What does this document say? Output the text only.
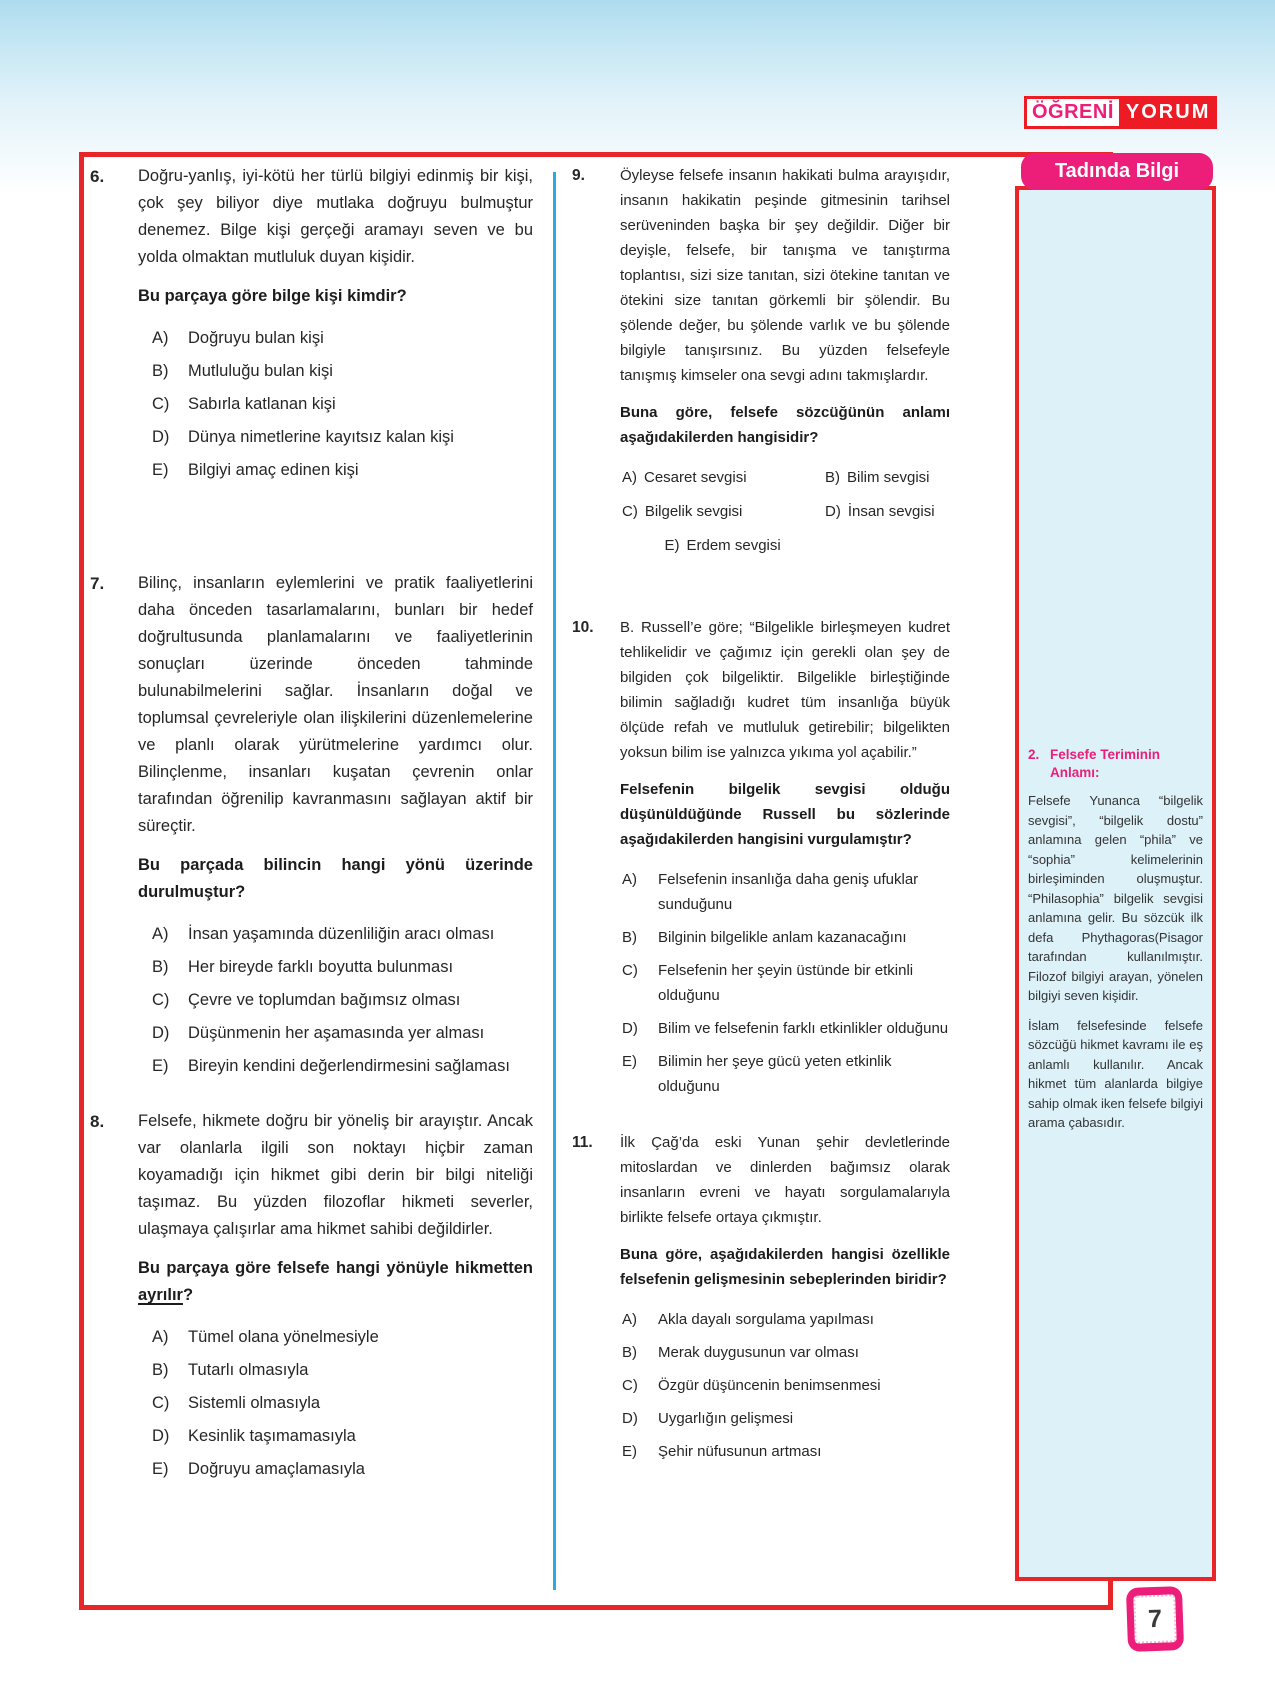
ÖĞRENİ YORUM
6.	Doğru-yanlış, iyi-kötü her türlü bilgiyi edinmiş bir kişi, çok şey biliyor diye mutlaka doğruyu bulmuştur denemez. Bilge kişi gerçeği aramayı seven ve bu yolda olmaktan mutluluk duyan kişidir.

Bu parçaya göre bilge kişi kimdir?

A)	Doğruyu bulan kişi
B)	Mutluluğu bulan kişi
C)	Sabırla katlanan kişi
D)	Dünya nimetlerine kayıtsız kalan kişi
E)	Bilgiyi amaç edinen kişi
7.	Bilinç, insanların eylemlerini ve pratik faaliyetlerini daha önceden tasarlamalarını, bunları bir hedef doğrultusunda planlamalarını ve faaliyetlerinin sonuçları üzerinde önceden tahminde bulunabilmelerini sağlar. İnsanların doğal ve toplumsal çevreleriyle olan ilişkilerini düzenlemelerine ve planlı olarak yürütmelerine yardımcı olur. Bilinçlenme, insanları kuşatan çevrenin onlar tarafından öğrenilip kavranmasını sağlayan aktif bir süreçtir.

Bu parçada bilincin hangi yönü üzerinde durulmuştur?

A)	İnsan yaşamında düzenliliğin aracı olması
B)	Her bireyde farklı boyutta bulunması
C)	Çevre ve toplumdan bağımsız olması
D)	Düşünmenin her aşamasında yer alması
E)	Bireyin kendini değerlendirmesini sağlaması
8.	Felsefe, hikmete doğru bir yöneliş bir arayıştır. Ancak var olanlarla ilgili son noktayı hiçbir zaman koyamadığı için hikmet gibi derin bir bilgi niteliği taşımaz. Bu yüzden filozoflar hikmeti severler, ulaşmaya çalışırlar ama hikmet sahibi değildirler.

Bu parçaya göre felsefe hangi yönüyle hikmetten ayrılır?

A)	Tümel olana yönelmesiyle
B)	Tutarlı olmasıyla
C)	Sistemli olmasıyla
D)	Kesinlik taşımamasıyla
E)	Doğruyu amaçlamasıyla
9.	Öyleyse felsefe insanın hakikati bulma arayışıdır, insanın hakikatin peşinde gitmesinin tarihsel serüveninden başka bir şey değildir. Diğer bir deyişle, felsefe, bir tanışma ve tanıştırma toplantısı, sizi size tanıtan, sizi ötekine tanıtan ve ötekini size tanıtan görkemli bir şölendir. Bu şölende değer, bu şölende varlık ve bu şölende bilgiyle tanışırsınız. Bu yüzden felsefeyle tanışmış kimseler ona sevgi adını takmışlardır.

Buna göre, felsefe sözcüğünün anlamı aşağıdakilerden hangisidir?

A) Cesaret sevgisi	B) Bilim sevgisi
C) Bilgelik sevgisi	D) İnsan sevgisi
E) Erdem sevgisi
10.	B. Russell’e göre; “Bilgelikle birleşmeyen kudret tehlikelidir ve çağımız için gerekli olan şey de bilgiden çok bilgeliktir. Bilgelikle birleştiğinde bilimin sağladığı kudret tüm insanlığa büyük ölçüde refah ve mutluluk getirebilir; bilgelikten yoksun bilim ise yalnızca yıkıma yol açabilir.”

Felsefenin bilgelik sevgisi olduğu düşünüldüğünde Russell bu sözlerinde aşağıdakilerden hangisini vurgulamıştır?

A)	Felsefenin insanlığa daha geniş ufuklar sunduğunu
B)	Bilginin bilgelikle anlam kazanacağını
C)	Felsefenin her şeyin üstünde bir etkinli olduğunu
D)	Bilim ve felsefenin farklı etkinlikler olduğunu
E)	Bilimin her şeye gücü yeten etkinlik olduğunu
11.	İlk Çağ’da eski Yunan şehir devletlerinde mitoslardan ve dinlerden bağımsız olarak insanların evreni ve hayatı sorgulamalarıyla birlikte felsefe ortaya çıkmıştır.

Buna göre, aşağıdakilerden hangisi özellikle felsefenin gelişmesinin sebeplerinden biridir?

A)	Akla dayalı sorgulama yapılması
B)	Merak duygusunun var olması
C)	Özgür düşüncenin benimsenmesi
D)	Uygarlığın gelişmesi
E)	Şehir nüfusunun artması
Tadında Bilgi
2. Felsefe Teriminin Anlamı:

Felsefe Yunanca “bilgelik sevgisi”, “bilgelik dostu” anlamına gelen “phila” ve “sophia” kelimelerinin birleşiminden oluşmuştur. “Philasophia” bilgelik sevgisi anlamına gelir. Bu sözcük ilk defa Phythagoras(Pisagor tarafından kullanılmıştır. Filozof bilgiyi arayan, yönelen bilgiyi seven kişidir.

İslam felsefesinde felsefe sözcüğü hikmet kavramı ile eş anlamlı kullanılır. Ancak hikmet tüm alanlarda bilgiye sahip olmak iken felsefe bilgiyi arama çabasıdır.

7
